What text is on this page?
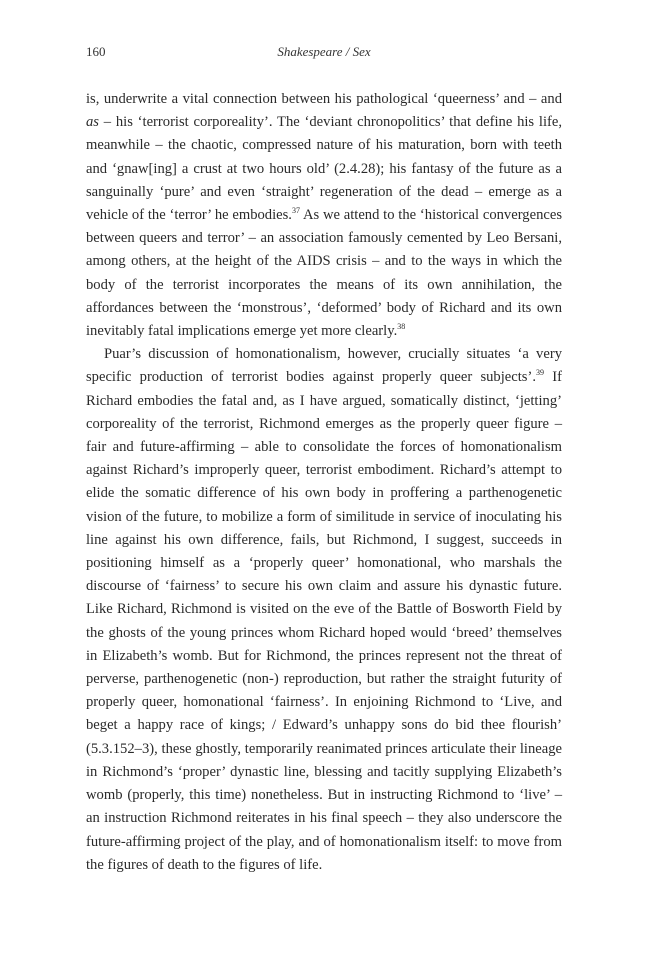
160	Shakespeare / Sex

is, underwrite a vital connection between his pathological ‘queerness’ and – and as – his ‘terrorist corporeality’. The ‘deviant chronopolitics’ that define his life, meanwhile – the chaotic, compressed nature of his maturation, born with teeth and ‘gnaw[ing] a crust at two hours old’ (2.4.28); his fantasy of the future as a sanguinally ‘pure’ and even ‘straight’ regeneration of the dead – emerge as a vehicle of the ‘terror’ he embodies.$^{37}$ As we attend to the ‘historical convergences between queers and terror’ – an association famously cemented by Leo Bersani, among others, at the height of the AIDS crisis – and to the ways in which the body of the terrorist incorporates the means of its own annihilation, the affordances between the ‘monstrous’, ‘deformed’ body of Richard and its own inevitably fatal implications emerge yet more clearly.$^{38}$

Puar’s discussion of homonationalism, however, crucially situates ‘a very specific production of terrorist bodies against properly queer subjects’.$^{39}$ If Richard embodies the fatal and, as I have argued, somatically distinct, ‘jetting’ corporeality of the terrorist, Richmond emerges as the properly queer figure – fair and future-affirming – able to consolidate the forces of homonationalism against Richard’s improperly queer, terrorist embodiment. Richard’s attempt to elide the somatic difference of his own body in proffering a parthenogenetic vision of the future, to mobilize a form of similitude in service of inoculating his line against his own difference, fails, but Richmond, I suggest, succeeds in positioning himself as a ‘properly queer’ homonational, who marshals the discourse of ‘fairness’ to secure his own claim and assure his dynastic future. Like Richard, Richmond is visited on the eve of the Battle of Bosworth Field by the ghosts of the young princes whom Richard hoped would ‘breed’ themselves in Elizabeth’s womb. But for Richmond, the princes represent not the threat of perverse, parthenogenetic (non-) reproduction, but rather the straight futurity of properly queer, homonational ‘fairness’. In enjoining Richmond to ‘Live, and beget a happy race of kings; / Edward’s unhappy sons do bid thee flourish’ (5.3.152–3), these ghostly, temporarily reanimated princes articulate their lineage in Richmond’s ‘proper’ dynastic line, blessing and tacitly supplying Elizabeth’s womb (properly, this time) nonetheless. But in instructing Richmond to ‘live’ – an instruction Richmond reiterates in his final speech – they also underscore the future-affirming project of the play, and of homonationalism itself: to move from the figures of death to the figures of life.
